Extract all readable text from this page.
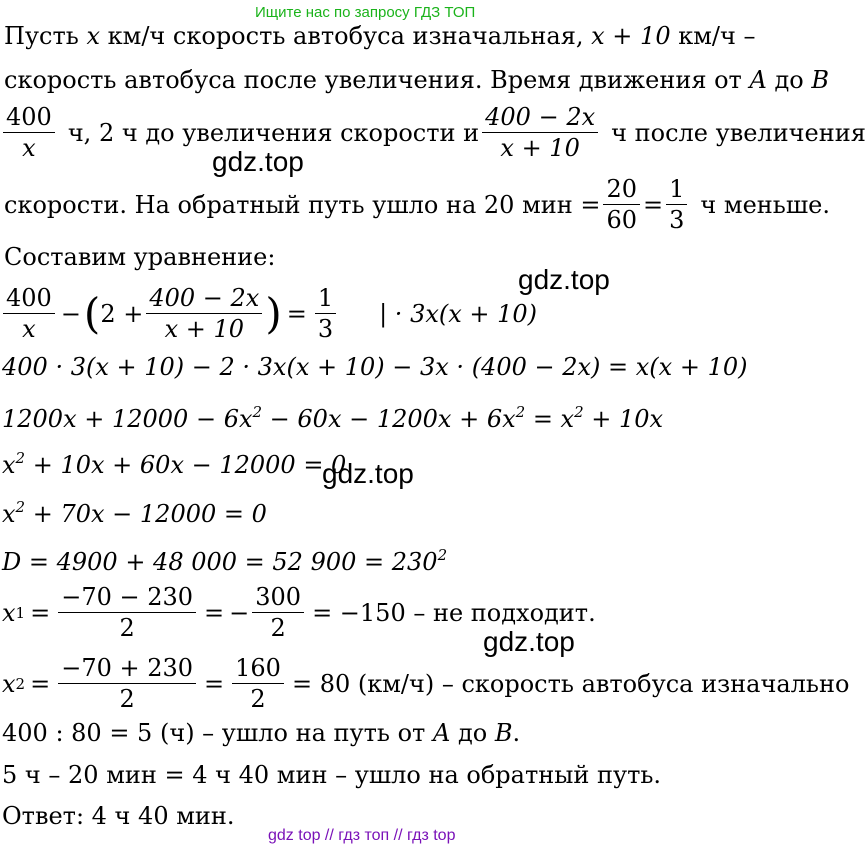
Ищите нас по запросу ГДЗ ТОП
Пусть x км/ч скорость автобуса изначальная, x + 10 км/ч –
скорость автобуса после увеличения. Время движения от A до B
$\frac{400}{x} ч$, 2 ч до увеличения скорости и $\frac{400 - 2x}{x + 10}$ ч после увеличения
gdz.top
скорости. На обратный путь ушло на 20 мин = $\frac{20}{60} = \frac{1}{3}$ ч меньше.
Составим уравнение:
gdz.top
$\frac{400}{x}$ − ( $2 + \frac{400 - 2x}{x + 10}$ ) = $\frac{1}{3}$ | · 3x(x + 10)
400 · 3(x + 10) − 2 · 3x(x + 10) − 3x · (400 − 2x) = x(x + 10)
$1200x + 12000 - 6x^2 - 60x - 1200x + 6x^2 = x^2 + 10x$
$x^2 + 10x + 60x - 12000 = 0$
gdz.top
$x^2 + 70x - 12000 = 0$
D = 4900 + 48 000 = 52 $900 = 230^2$
x $1 = \frac{-70 - 230}{2}$ = − $\frac{300}{2} = -150$ – не подходит.
gdz.top
x $2 = \frac{-70 + 230}{2} = \frac{160}{2} = 80$ (км/ч) – скорость автобуса изначально
400 : 80 = 5 (ч) – ушло на путь от A до B.
5 ч – 20 мин = 4 ч 40 мин – ушло на обратный путь.
Ответ: 4 ч 40 мин.
gdz top // гдз топ // гдз top
